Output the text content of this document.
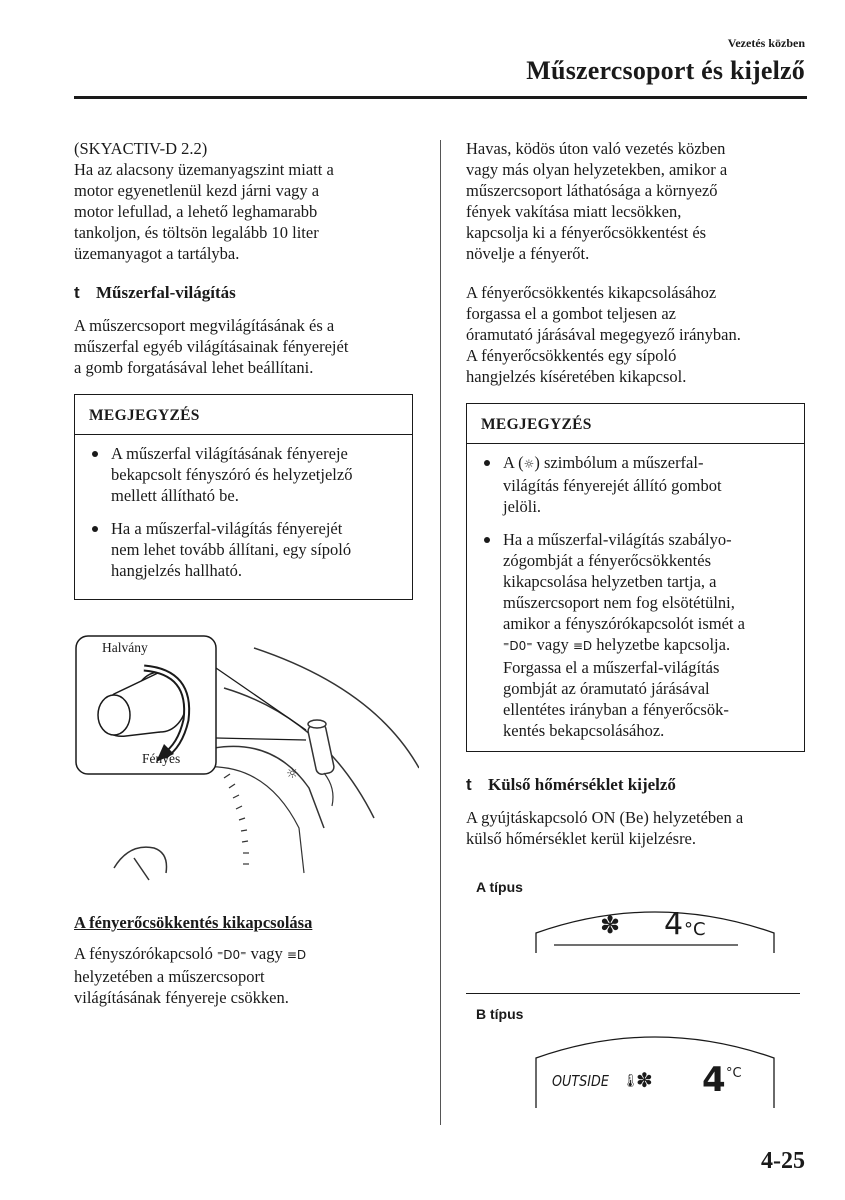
Vezetés közben
Műszercsoport és kijelző

(SKYACTIV-D 2.2)
Ha az alacsony üzemanyagszint miatt a
motor egyenetlenül kezd járni vagy a
motor lefullad, a lehető leghamarabb
tankoljon, és töltsön legalább 10 liter
üzemanyagot a tartályba.

t Műszerfal-világítás

A műszercsoport megvilágításának és a
műszerfal egyéb világításainak fényerejét
a gomb forgatásával lehet beállítani.

MEGJEGYZÉS
A műszerfal világításának fényereje
bekapcsolt fényszóró és helyzetjelző
mellett állítható be.
Ha a műszerfal-világítás fényerejét
nem lehet tovább állítani, egy sípoló
hangjelzés hallható.
☼
Halvány
Fényes
A fényerőcsökkentés kikapcsolása

A fényszórókapcsoló ⁼D0⁼ vagy ≡D
helyzetében a műszercsoport
világításának fényereje csökken.

Havas, ködös úton való vezetés közben
vagy más olyan helyzetekben, amikor a
műszercsoport láthatósága a környező
fények vakítása miatt lecsökken,
kapcsolja ki a fényerőcsökkentést és
növelje a fényerőt.

A fényerőcsökkentés kikapcsolásához
forgassa el a gombot teljesen az
óramutató járásával megegyező irányban.
A fényerőcsökkentés egy sípoló
hangjelzés kíséretében kikapcsol.

MEGJEGYZÉS
A (☼) szimbólum a műszerfal-
világítás fényerejét állító gombot
jelöli.
Ha a műszerfal-világítás szabályo-
zógombját a fényerőcsökkentés
kikapcsolása helyzetben tartja, a
műszercsoport nem fog elsötétülni,
amikor a fényszórókapcsolót ismét a
⁼D0⁼ vagy ≡D helyzetbe kapcsolja.
Forgassa el a műszerfal-világítás
gombját az óramutató járásával
ellentétes irányban a fényerőcsök-
kentés bekapcsolásához.
t Külső hőmérséklet kijelző

A gyújtáskapcsoló ON (Be) helyzetében a
külső hőmérséklet kerül kijelzésre.

A típus
✽ 4 °C
B típus
OUTSIDE 🌡
✽ 4 °C
4-25
